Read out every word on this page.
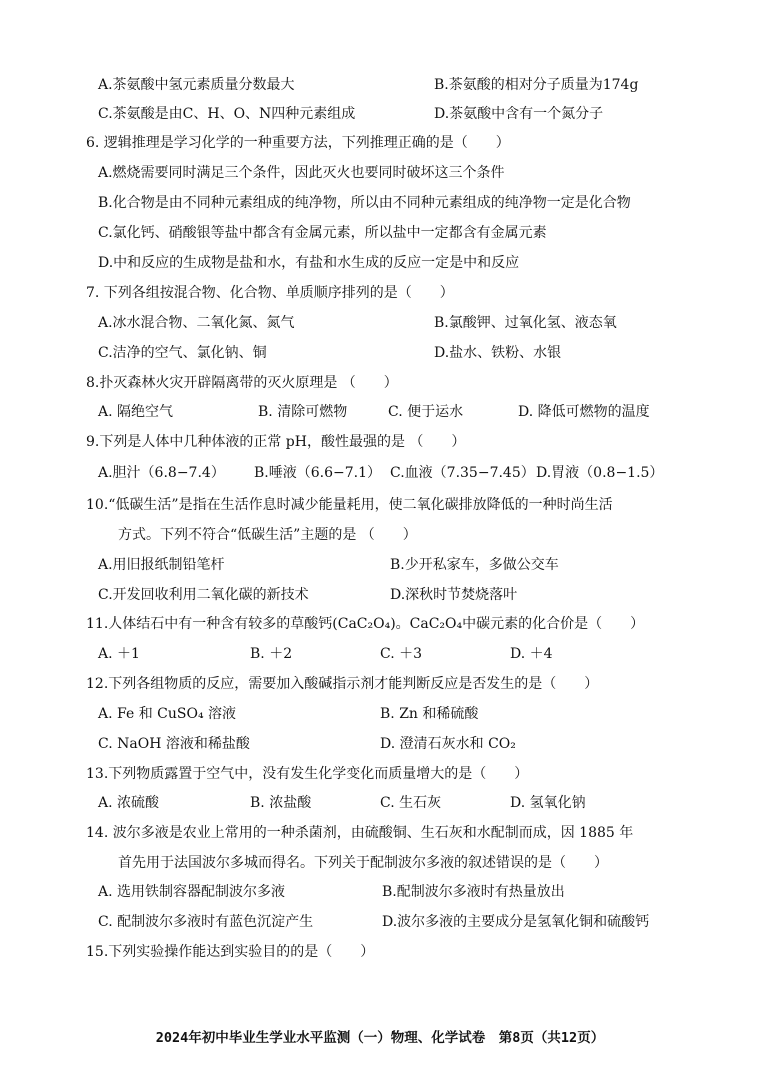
A.茶氨酸中氢元素质量分数最大	B.茶氨酸的相对分子质量为174g
C.茶氨酸是由C、H、O、N四种元素组成	D.茶氨酸中含有一个氮分子
6. 逻辑推理是学习化学的一种重要方法，下列推理正确的是（　　）
A.燃烧需要同时满足三个条件，因此灭火也要同时破坏这三个条件
B.化合物是由不同种元素组成的纯净物，所以由不同种元素组成的纯净物一定是化合物
C.氯化钙、硝酸银等盐中都含有金属元素，所以盐中一定都含有金属元素
D.中和反应的生成物是盐和水，有盐和水生成的反应一定是中和反应
7. 下列各组按混合物、化合物、单质顺序排列的是（　　）
A.冰水混合物、二氧化氮、氮气	B.氯酸钾、过氧化氢、液态氧
C.洁净的空气、氯化钠、铜	D.盐水、铁粉、水银
8.扑灭森林火灾开辟隔离带的灭火原理是 （　　）
A. 隔绝空气	B. 清除可燃物	C. 便于运水	D. 降低可燃物的温度
9.下列是人体中几种体液的正常 pH，酸性最强的是 （　　）
A.胆汁（6.8−7.4） B.唾液（6.6−7.1） C.血液（7.35−7.45） D.胃液（0.8−1.5）
10.“低碳生活”是指在生活作息时减少能量耗用，使二氧化碳排放降低的一种时尚生活
方式。下列不符合“低碳生活”主题的是 （　　）
A.用旧报纸制铅笔杆	B.少开私家车，多做公交车
C.开发回收利用二氧化碳的新技术	D.深秋时节焚烧落叶
11.人体结石中有一种含有较多的草酸钙(CaC₂O₄)。CaC₂O₄中碳元素的化合价是（　　）
A. ＋1	B. ＋2	C. ＋3	D. ＋4
12.下列各组物质的反应，需要加入酸碱指示剂才能判断反应是否发生的是（　　）
A. Fe 和 CuSO₄ 溶液	B. Zn 和稀硫酸
C. NaOH 溶液和稀盐酸	D. 澄清石灰水和 CO₂
13.下列物质露置于空气中，没有发生化学变化而质量增大的是（　　）
A. 浓硫酸	B. 浓盐酸	C. 生石灰	D. 氢氧化钠
14. 波尔多液是农业上常用的一种杀菌剂，由硫酸铜、生石灰和水配制而成，因 1885 年
首先用于法国波尔多城而得名。下列关于配制波尔多液的叙述错误的是（　　）
A. 选用铁制容器配制波尔多液	B.配制波尔多液时有热量放出
C. 配制波尔多液时有蓝色沉淀产生	D.波尔多液的主要成分是氢氧化铜和硫酸钙
15.下列实验操作能达到实验目的的是（　　）
2024年初中毕业生学业水平监测（一）物理、化学试卷　第8页（共12页）
